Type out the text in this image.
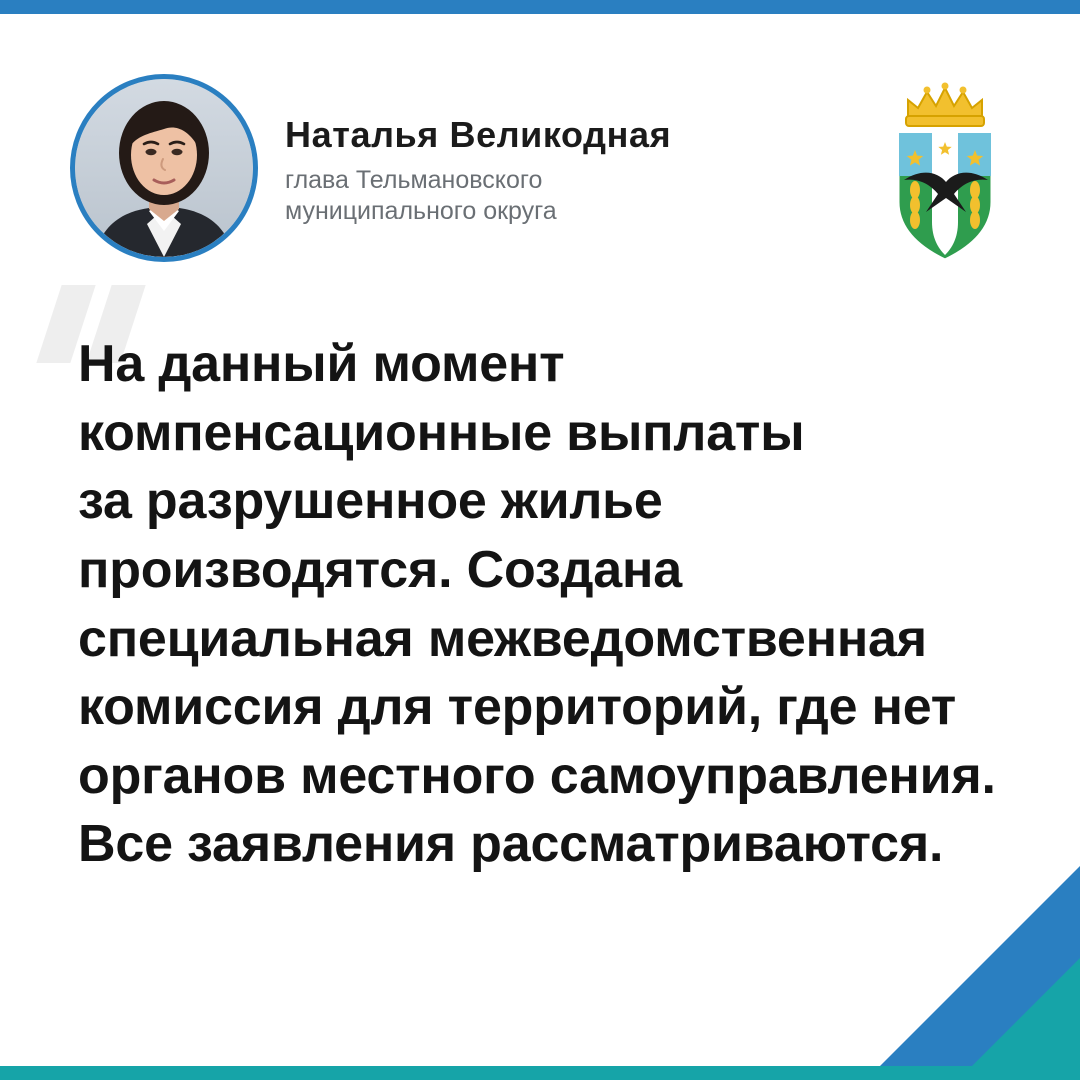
Наталья Великодная
глава Тельмановского
муниципального округа
На данный момент
компенсационные выплаты
за разрушенное жилье
производятся. Создана
специальная межведомственная
комиссия для территорий, где нет
органов местного самоуправления.
Все заявления рассматриваются.
